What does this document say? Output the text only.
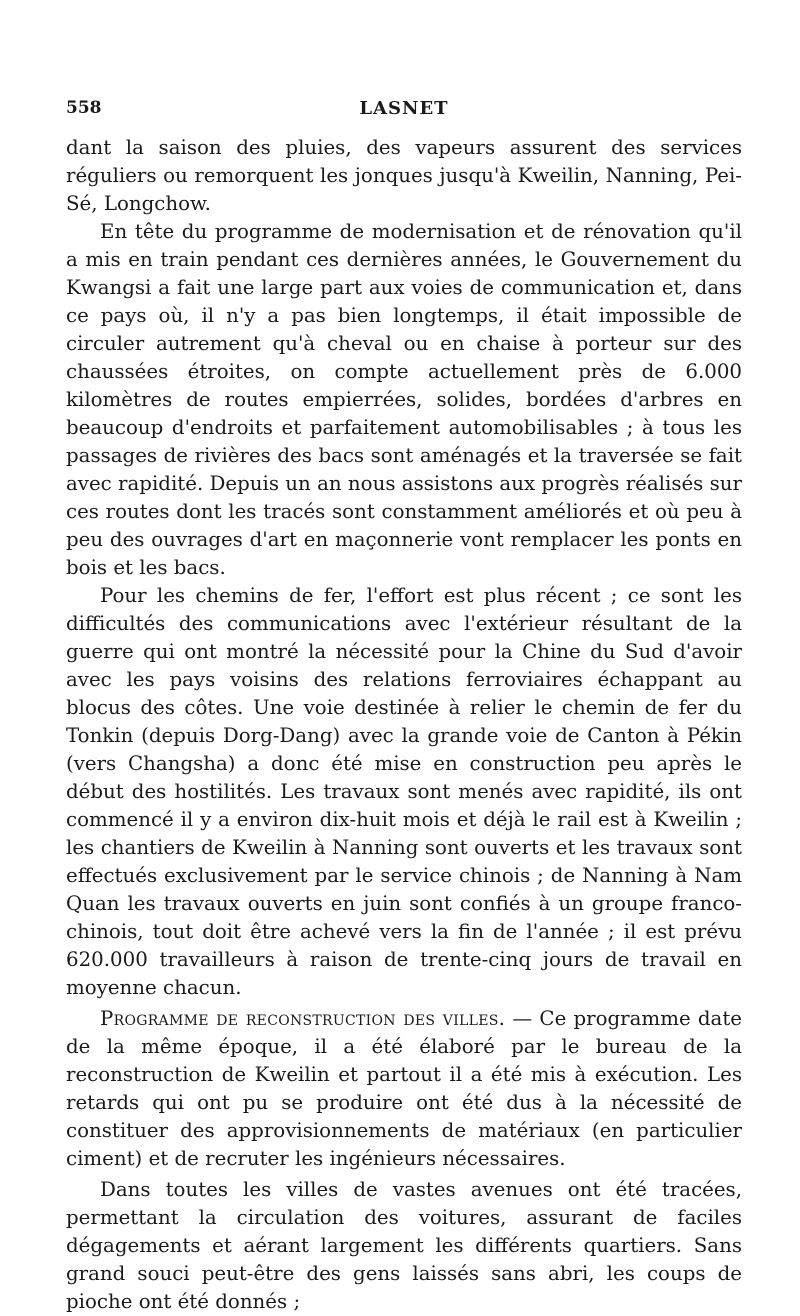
558	LASNET

dant la saison des pluies, des vapeurs assurent des services réguliers ou remorquent les jonques jusqu'à Kweilin, Nanning, Pei-Sé, Longchow.

En tête du programme de modernisation et de rénovation qu'il a mis en train pendant ces dernières années, le Gouvernement du Kwangsi a fait une large part aux voies de communication et, dans ce pays où, il n'y a pas bien longtemps, il était impossible de circuler autrement qu'à cheval ou en chaise à porteur sur des chaussées étroites, on compte actuellement près de 6.000 kilomètres de routes empierrées, solides, bordées d'arbres en beaucoup d'endroits et parfaitement automobilisables ; à tous les passages de rivières des bacs sont aménagés et la traversée se fait avec rapidité. Depuis un an nous assistons aux progrès réalisés sur ces routes dont les tracés sont constamment améliorés et où peu à peu des ouvrages d'art en maçonnerie vont remplacer les ponts en bois et les bacs.

Pour les chemins de fer, l'effort est plus récent ; ce sont les difficultés des communications avec l'extérieur résultant de la guerre qui ont montré la nécessité pour la Chine du Sud d'avoir avec les pays voisins des relations ferroviaires échappant au blocus des côtes. Une voie destinée à relier le chemin de fer du Tonkin (depuis Dorg-Dang) avec la grande voie de Canton à Pékin (vers Changsha) a donc été mise en construction peu après le début des hostilités. Les travaux sont menés avec rapidité, ils ont commencé il y a environ dix-huit mois et déjà le rail est à Kweilin ; les chantiers de Kweilin à Nanning sont ouverts et les travaux sont effectués exclusivement par le service chinois ; de Nanning à Nam Quan les travaux ouverts en juin sont confiés à un groupe franco-chinois, tout doit être achevé vers la fin de l'année ; il est prévu 620.000 travailleurs à raison de trente-cinq jours de travail en moyenne chacun.

Programme de reconstruction des villes. — Ce programme date de la même époque, il a été élaboré par le bureau de la reconstruction de Kweilin et partout il a été mis à exécution. Les retards qui ont pu se produire ont été dus à la nécessité de constituer des approvisionnements de matériaux (en particulier ciment) et de recruter les ingénieurs nécessaires.

Dans toutes les villes de vastes avenues ont été tracées, permettant la circulation des voitures, assurant de faciles dégagements et aérant largement les différents quartiers. Sans grand souci peut-être des gens laissés sans abri, les coups de pioche ont été donnés ;
